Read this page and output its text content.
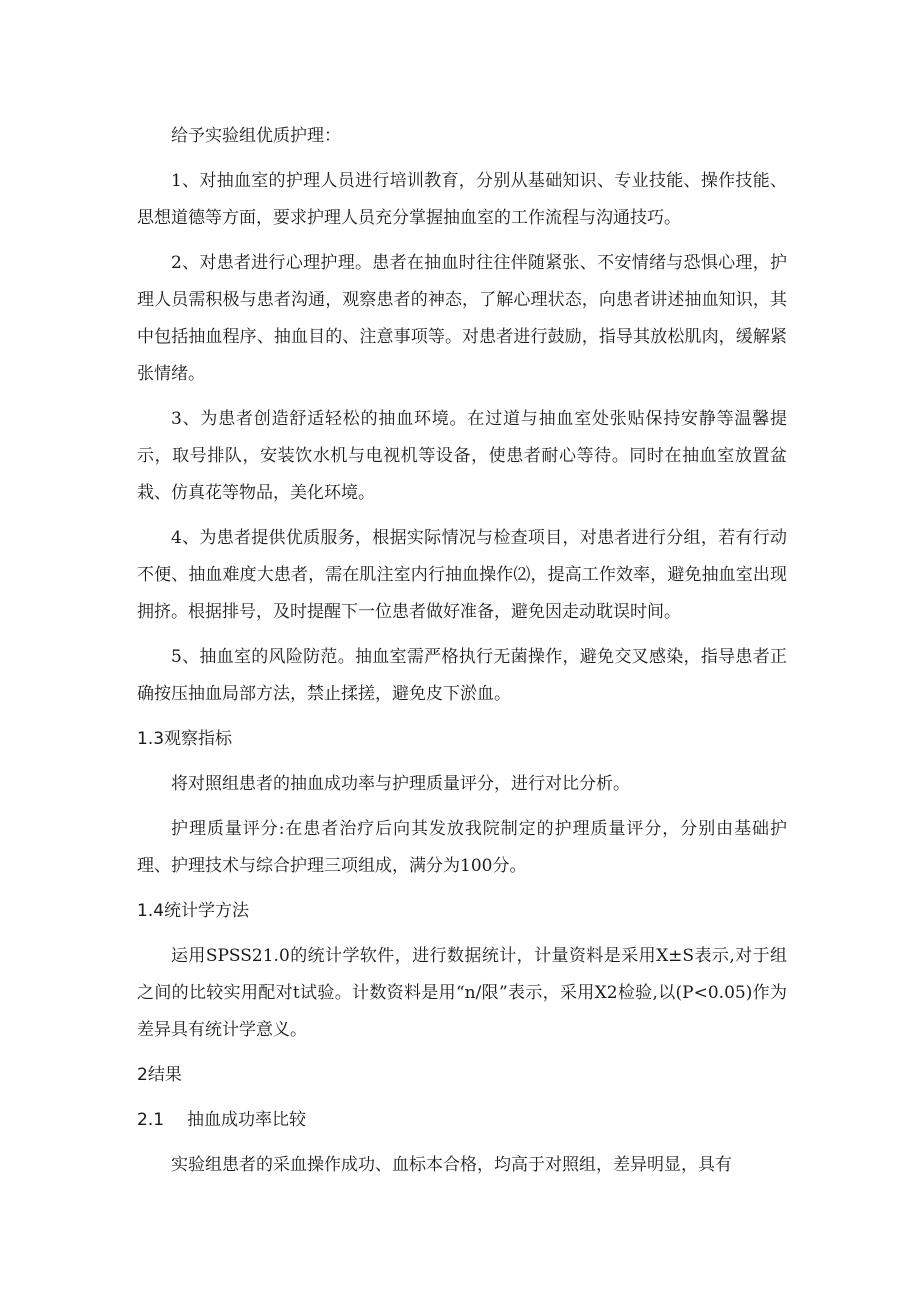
给予实验组优质护理：

1、对抽血室的护理人员进行培训教育，分别从基础知识、专业技能、操作技能、思想道德等方面，要求护理人员充分掌握抽血室的工作流程与沟通技巧。

2、对患者进行心理护理。患者在抽血时往往伴随紧张、不安情绪与恐惧心理，护理人员需积极与患者沟通，观察患者的神态，了解心理状态，向患者讲述抽血知识，其中包括抽血程序、抽血目的、注意事项等。对患者进行鼓励，指导其放松肌肉，缓解紧张情绪。

3、为患者创造舒适轻松的抽血环境。在过道与抽血室处张贴保持安静等温馨提示，取号排队，安装饮水机与电视机等设备，使患者耐心等待。同时在抽血室放置盆栽、仿真花等物品，美化环境。

4、为患者提供优质服务，根据实际情况与检查项目，对患者进行分组，若有行动不便、抽血难度大患者，需在肌注室内行抽血操作⑵，提高工作效率，避免抽血室出现拥挤。根据排号，及时提醒下一位患者做好准备，避免因走动耽误时间。

5、抽血室的风险防范。抽血室需严格执行无菌操作，避免交叉感染，指导患者正确按压抽血局部方法，禁止揉搓，避免皮下淤血。

1.3观察指标

将对照组患者的抽血成功率与护理质量评分，进行对比分析。

护理质量评分:在患者治疗后向其发放我院制定的护理质量评分，分别由基础护理、护理技术与综合护理三项组成，满分为100分。

1.4统计学方法

运用SPSS21.0的统计学软件，进行数据统计，计量资料是采用X±S表示,对于组之间的比较实用配对t试验。计数资料是用“n/限”表示，采用X2检验,以(P<0.05)作为差异具有统计学意义。

2结果
2.1 抽血成功率比较

实验组患者的采血操作成功、血标本合格，均高于对照组，差异明显，具有
